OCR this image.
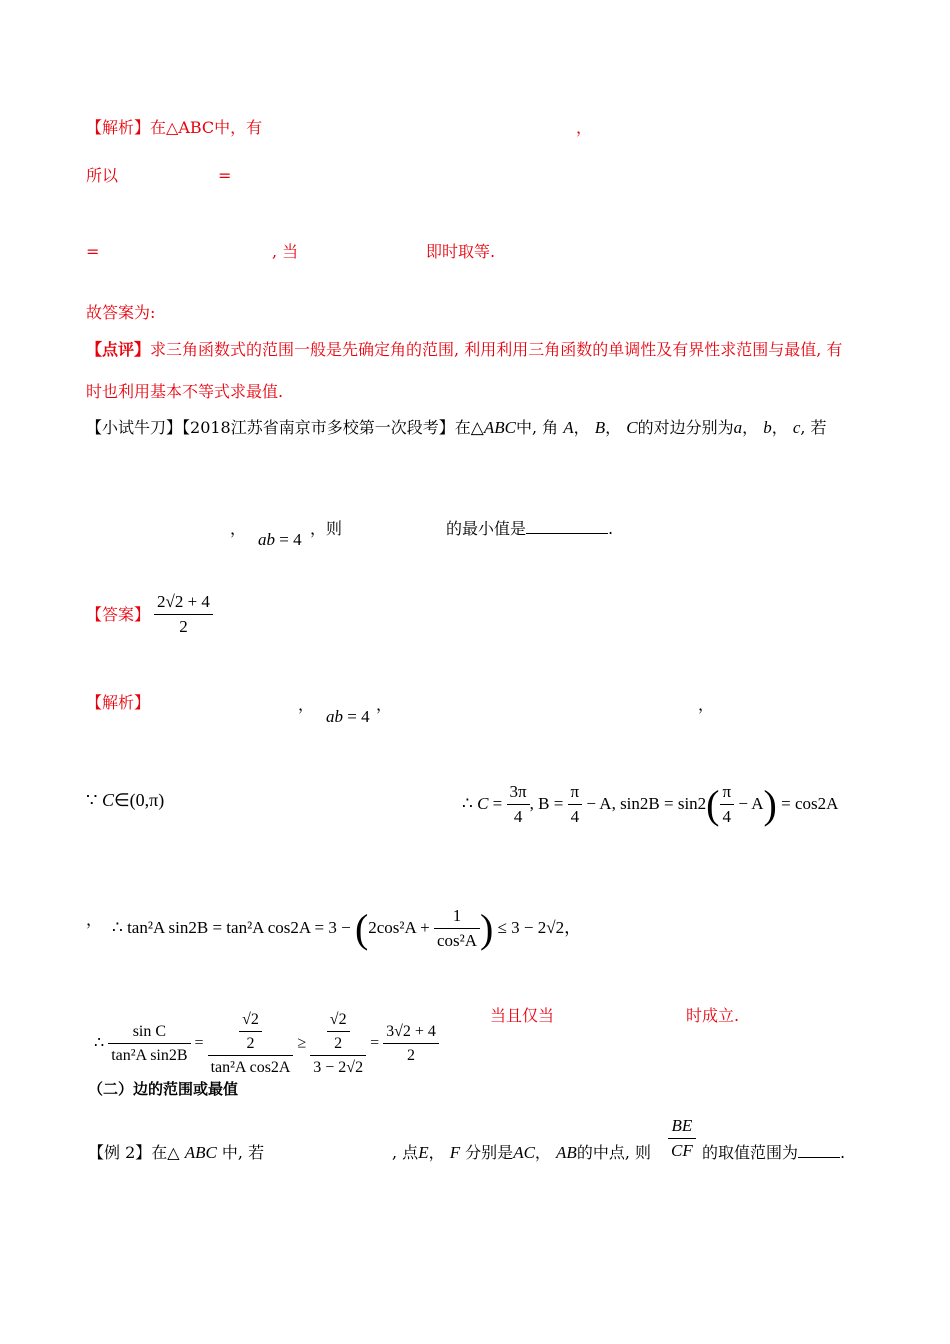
【解析】在△ABC中，有	，
所以	=
=	, 当	即时取等.
故答案为:
【点评】求三角函数式的范围一般是先确定角的范围, 利用利用三角函数的单调性及有界性求范围与最值, 有
时也利用基本不等式求最值.
【小试牛刀】【2018江苏省南京市多校第一次段考】在△ABC中, 角 A， B， C的对边分别为a， b， c, 若
，
ab = 4
，则	的最小值是	.
【答案】 $\frac{2√2 + 4}{2}$
【解析】	，
ab = 4
，	，
∵ C∈(0,π)	∴ $C = \frac{3\pi}{4}$ , $B = \frac{\pi}{4} - A$, $\sin 2B = \sin 2( \frac{\pi}{4} - A) = \cos 2A$
， ∴ tan²A sin2B = tan²A $\cos 2A = 3 - (2\cos^2A + \frac{1}{\text{cos²A}}$ ) ≤ 3 − 2√2，
当且仅当	时成立.
∴ $\frac{\text{sin C}}{\text{tan²A sin2B}} = \frac{\frac{√2}{2}}{\text{tan²A cos2A}} \ge \frac{\frac{√2}{2}}{3 - 2√2} = \frac{3√2 + 4}{2}$
（二）边的范围或最值
【例 2】在△ ABC 中, 若	, 点E， F 分别是AC， AB的中点, 则 $\frac{BE}{CF}$ 的取值范围为	.
